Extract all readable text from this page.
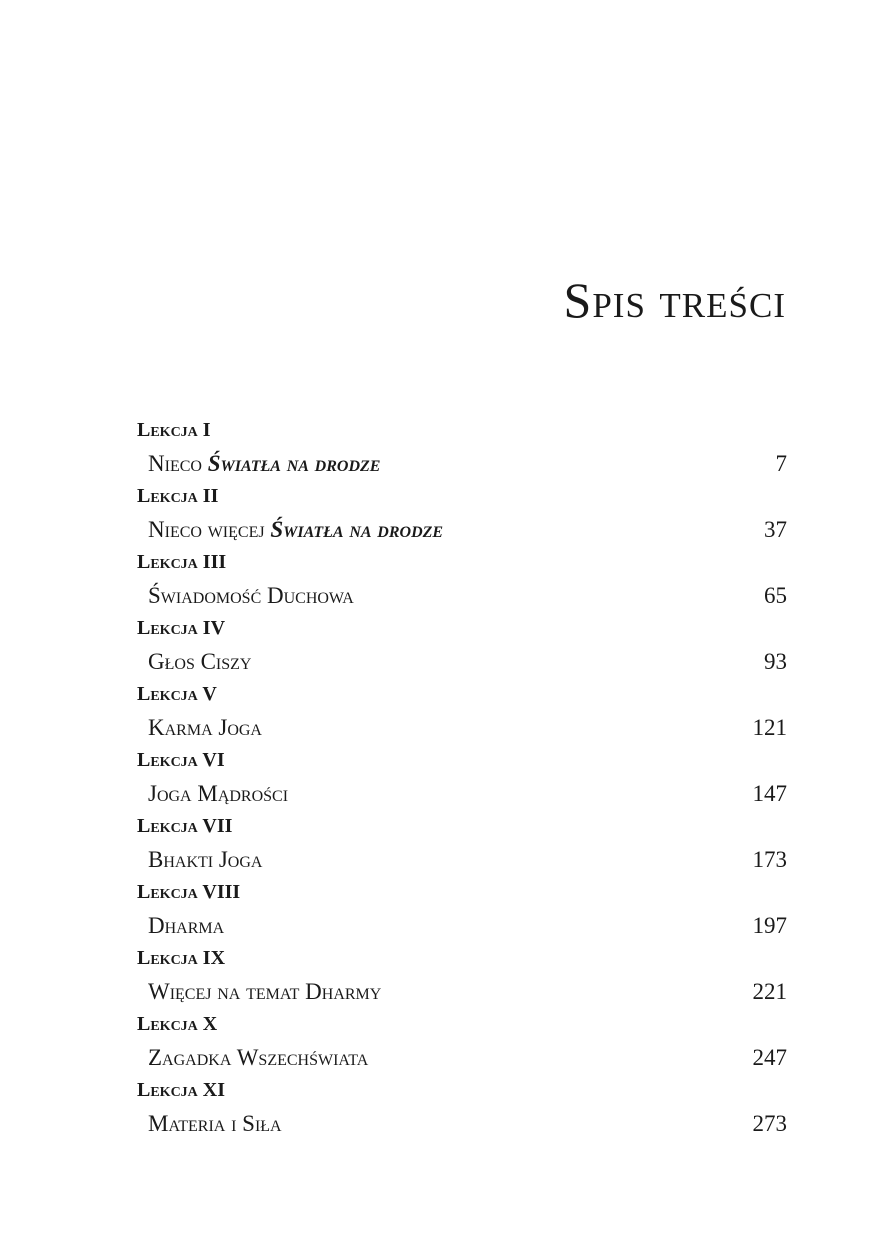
Spis treści
Lekcja I
Nieco Światła na drodze	7
Lekcja II
Nieco więcej Światła na drodze	37
Lekcja III
Świadomość Duchowa	65
Lekcja IV
Głos Ciszy	93
Lekcja V
Karma Joga	121
Lekcja VI
Joga Mądrości	147
Lekcja VII
Bhakti Joga	173
Lekcja VIII
Dharma	197
Lekcja IX
Więcej na temat Dharmy	221
Lekcja X
Zagadka Wszechświata	247
Lekcja XI
Materia i Siła	273
